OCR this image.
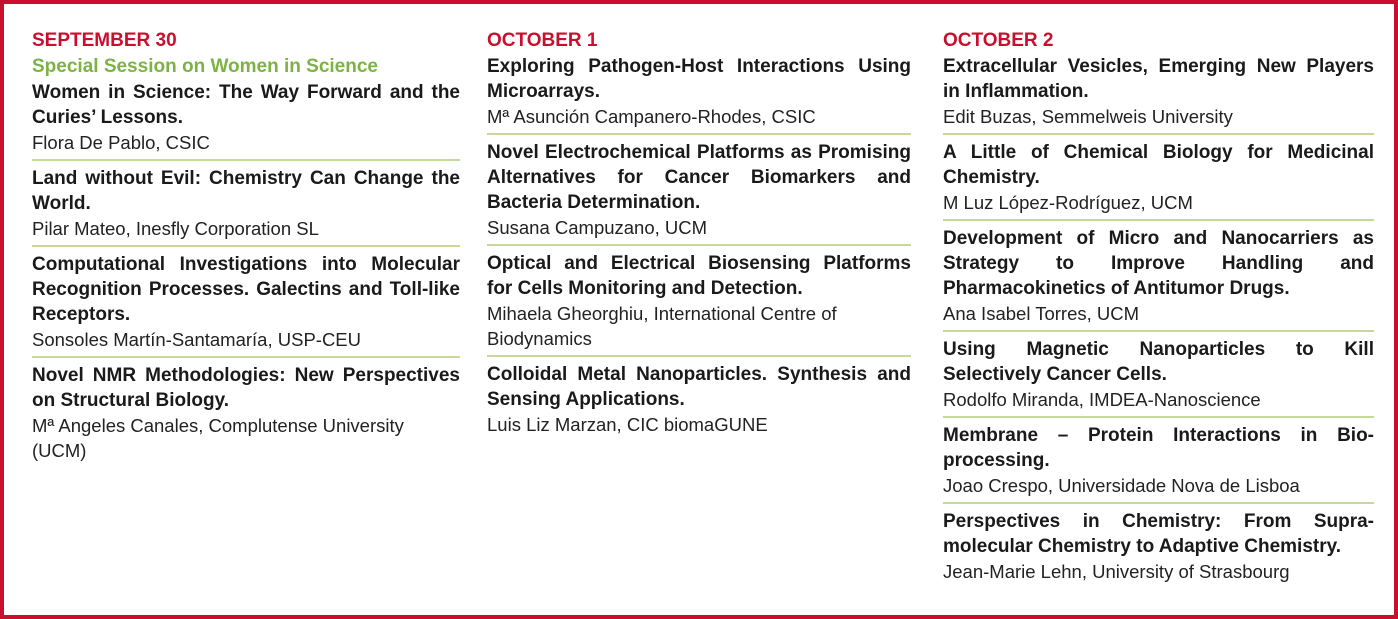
SEPTEMBER 30

Special Session on Women in Science

Women in Science: The Way Forward and the Curies’ Lessons.

Flora De Pablo, CSIC

Land without Evil: Chemistry Can Change the World.

Pilar Mateo, Inesfly Corporation SL

Computational Investigations into Molecular Recognition Processes. Galectins and Toll-like Receptors.

Sonsoles Martín-Santamaría, USP-CEU

Novel NMR Methodologies: New Perspectives on Structural Biology.

Mª Angeles Canales, Complutense University (UCM)

OCTOBER 1

Exploring Pathogen-Host Interactions Using Microarrays.

Mª Asunción Campanero-Rhodes, CSIC

Novel Electrochemical Platforms as Promising Alternatives for Cancer Biomarkers and Bacteria Determination.

Susana Campuzano, UCM

Optical and Electrical Biosensing Platforms for Cells Monitoring and Detection.

Mihaela Gheorghiu, International Centre of Biodynamics

Colloidal Metal Nanoparticles. Synthesis and Sensing Applications.

Luis Liz Marzan, CIC biomaGUNE

OCTOBER 2

Extracellular Vesicles, Emerging New Players in Inflammation.

Edit Buzas, Semmelweis University

A Little of Chemical Biology for Medicinal Chemistry.

M Luz López-Rodríguez, UCM

Development of Micro and Nanocarriers as Strategy to Improve Handling and Pharmacokinetics of Antitumor Drugs.

Ana Isabel Torres, UCM

Using Magnetic Nanoparticles to Kill Selectively Cancer Cells.

Rodolfo Miranda, IMDEA-Nanoscience

Membrane – Protein Interactions in Bio-processing.

Joao Crespo, Universidade Nova de Lisboa

Perspectives in Chemistry: From Supra-molecular Chemistry to Adaptive Chemistry.

Jean-Marie Lehn, University of Strasbourg
